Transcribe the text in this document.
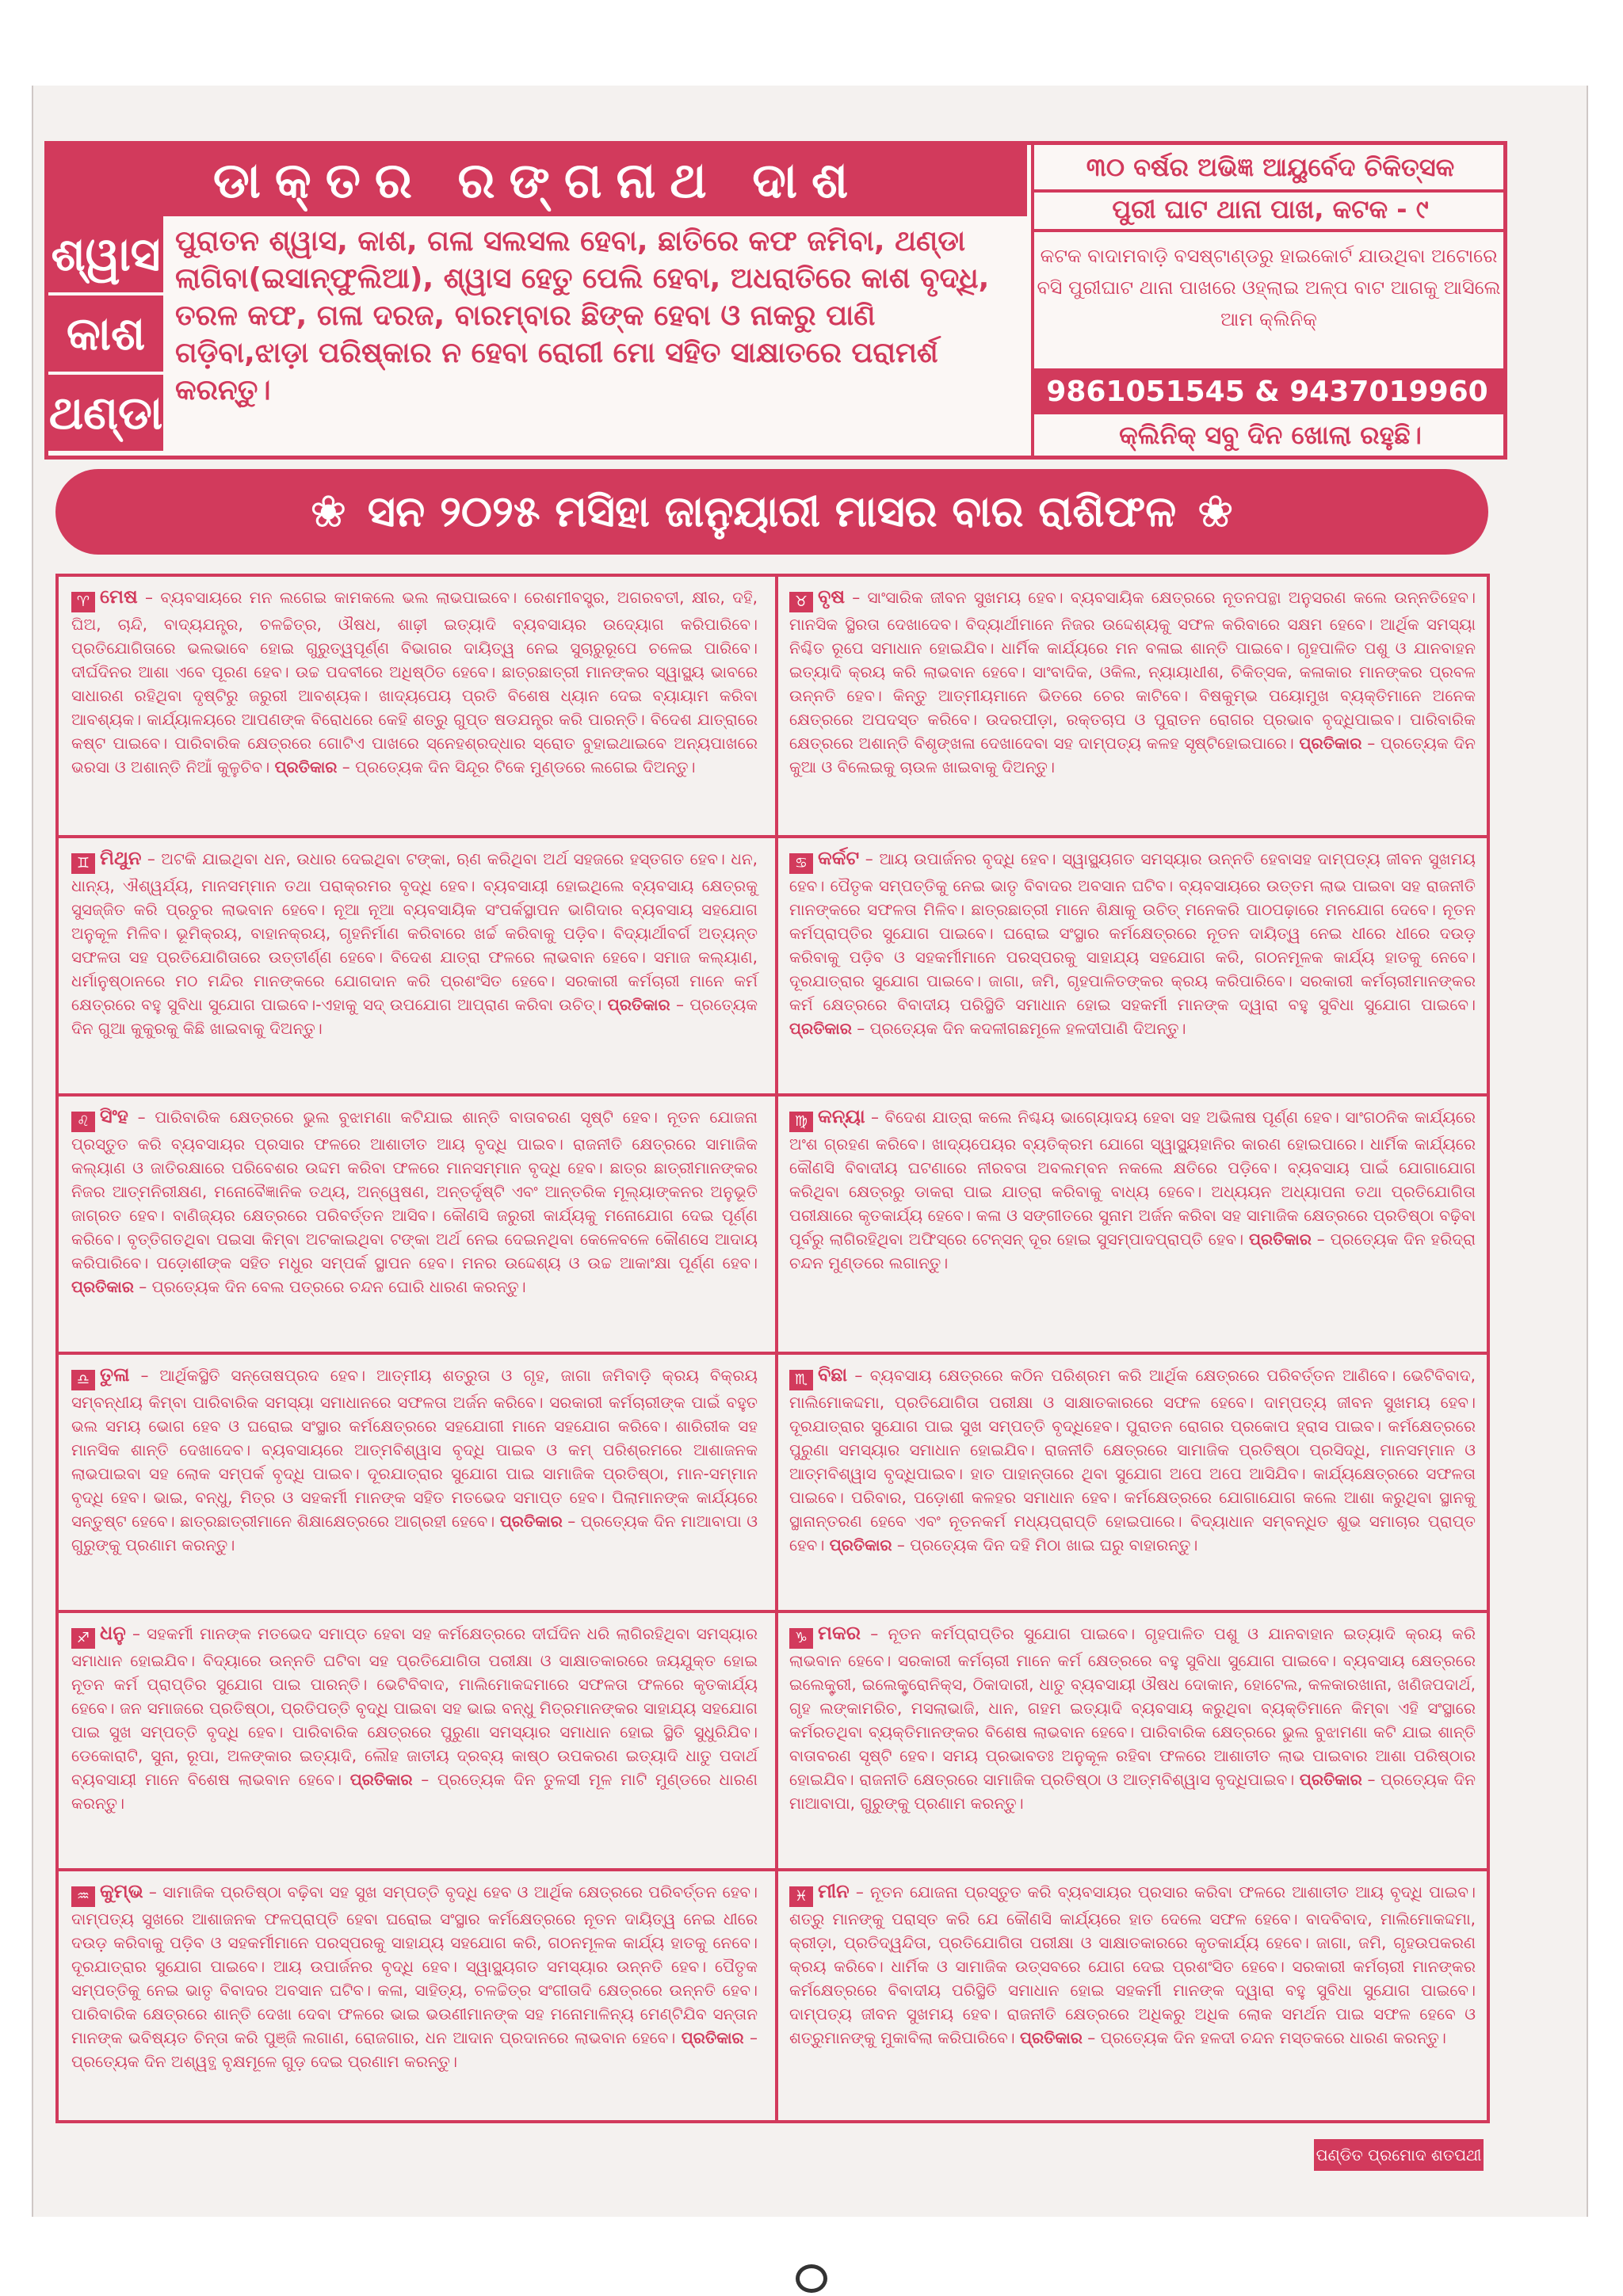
ଡାକ୍ତର ରଙ୍ଗନାଥ ଦାଶ	୩୦ ବର୍ଷର ଅଭିଜ୍ଞ ଆୟୁର୍ବେଦ ଚିକିତ୍ସକ
ପୁରୀ ଘାଟ ଥାନା ପାଖ, କଟକ - ୯
ଶ୍ୱାସ
କାଶ
ଥଣ୍ଡା
ପୁରାତନ ଶ୍ୱାସ, କାଶ, ଗଳା ସଲସଲ ହେବା, ଛାତିରେ କଫ ଜମିବା, ଥଣ୍ଡା ଲାଗିବା(ଇସାନ୍‌ଫୁଲିଆ), ଶ୍ୱାସ ହେତୁ ପେଲି ହେବା, ଅଧରାତିରେ କାଶ ବୃଦ୍ଧି, ତରଳ କଫ, ଗଳା ଦରଜ, ବାରମ୍ବାର ଛିଙ୍କ ହେବା ଓ ନାକରୁ ପାଣି ଗଡ଼ିବା,ଝାଡ଼ା ପରିଷ୍କାର ନ ହେବା ରୋଗୀ ମୋ ସହିତ ସାକ୍ଷାତରେ ପରାମର୍ଶ କରନ୍ତୁ।
କଟକ ବାଦାମବାଡ଼ି ବସଷ୍ଟାଣ୍ଡରୁ ହାଇକୋର୍ଟ ଯାଉଥିବା ଅଟୋରେ ବସି ପୁରୀଘାଟ ଥାନା ପାଖରେ ଓହ୍ଲାଇ ଅଳ୍ପ ବାଟ ଆଗକୁ ଆସିଲେ ଆମ କ୍ଲିନିକ୍
9861051545 & 9437019960
କ୍ଲିନିକ୍ ସବୁ ଦିନ ଖୋଲା ରହୁଛି।
❀ ସନ ୨୦୨୫ ମସିହା ଜାନୁୟାରୀ ମାସର ବାର ରାଶିଫଳ ❀
♈ ମେଷ – ବ୍ୟବସାୟରେ ମନ ଲଗେଇ କାମକଲେ ଭଲ ଲାଭପାଇବେ। ରେଶମୀବସ୍ତ୍ର, ଅଗରବତୀ, କ୍ଷୀର, ଦହି, ଘିଅ, ଚାନ୍ଦି, ବାଦ୍ୟଯନ୍ତ୍ର, ଚଳଚ୍ଚିତ୍ର, ଔଷଧ, ଶାଢ଼ୀ ଇତ୍ୟାଦି ବ୍ୟବସାୟର ଉଦ୍ୟୋଗ କରିପାରିବେ। ପ୍ରତିଯୋଗିତାରେ ଭଲଭାବେ ହୋଇ ଗୁରୁତ୍ୱପୂର୍ଣ୍ଣ ବିଭାଗର ଦାୟିତ୍ୱ ନେଇ ସୁଚାରୁରୂପେ ଚଳେଇ ପାରିବେ। ଦୀର୍ଘଦିନର ଆଶା ଏବେ ପୂରଣ ହେବ। ଉଚ୍ଚ ପଦବୀରେ ଅଧିଷ୍ଠିତ ହେବେ। ଛାତ୍ରଛାତ୍ରୀ ମାନଙ୍କର ସ୍ୱାସ୍ଥ୍ୟ ଭାବରେ ସାଧାରଣ ରହିଥିବା ଦୃଷ୍ଟିରୁ ଜରୁରୀ ଆବଶ୍ୟକ। ଖାଦ୍ୟପେୟ ପ୍ରତି ବିଶେଷ ଧ୍ୟାନ ଦେଇ ବ୍ୟାୟାମ କରିବା ଆବଶ୍ୟକ। କାର୍ଯ୍ୟାଳୟରେ ଆପଣଙ୍କ ବିରୋଧରେ କେହି ଶତ୍ରୁ ଗୁପ୍ତ ଷଡଯନ୍ତ୍ର କରି ପାରନ୍ତି। ବିଦେଶ ଯାତ୍ରାରେ କଷ୍ଟ ପାଇବେ। ପାରିବାରିକ କ୍ଷେତ୍ରରେ ଗୋଟିଏ ପାଖରେ ସ୍ନେହଶ୍ରଦ୍ଧାର ସ୍ରୋତ ବୁହାଇଥାଇବେ ଅନ୍ୟପାଖରେ ଭରସା ଓ ଅଶାନ୍ତି ନିଆଁ କୁଳୁଚିବ। ପ୍ରତିକାର – ପ୍ରତ୍ୟେକ ଦିନ ସିନ୍ଦୂର ଟିକେ ମୁଣ୍ଡରେ ଲଗେଇ ଦିଅନ୍ତୁ।
♉ ବୃଷ – ସାଂସାରିକ ଜୀବନ ସୁଖମୟ ହେବ। ବ୍ୟବସାୟିକ କ୍ଷେତ୍ରରେ ନୂତନପନ୍ଥା ଅନୁସରଣ କଲେ ଉନ୍ନତିହେବ। ମାନସିକ ସ୍ଥିରତା ଦେଖାଦେବ। ବିଦ୍ୟାର୍ଥୀମାନେ ନିଜର ଉଦ୍ଦେଶ୍ୟକୁ ସଫଳ କରିବାରେ ସକ୍ଷମ ହେବେ। ଆର୍ଥିକ ସମସ୍ୟା ନିଶ୍ଚିତ ରୂପେ ସମାଧାନ ହୋଇଯିବ। ଧାର୍ମିକ କାର୍ଯ୍ୟରେ ମନ ବଳାଇ ଶାନ୍ତି ପାଇବେ। ଗୃହପାଳିତ ପଶୁ ଓ ଯାନବାହନ ଇତ୍ୟାଦି କ୍ରୟ କରି ଲାଭବାନ ହେବେ। ସାଂବାଦିକ, ଓକିଲ, ନ୍ୟାୟାଧୀଶ, ଚିକିତ୍ସକ, କଳାକାର ମାନଙ୍କର ପ୍ରବଳ ଉନ୍ନତି ହେବ। କିନ୍ତୁ ଆତ୍ମୀୟମାନେ ଭିତରେ ଚେର କାଟିବେ। ବିଷକୁମ୍ଭ ପୟୋମୁଖ ବ୍ୟକ୍ତିମାନେ ଅନେକ କ୍ଷେତ୍ରରେ ଅପଦସ୍ତ କରିବେ। ଉଦରପୀଡ଼ା, ରକ୍ତଚାପ ଓ ପୁରାତନ ରୋଗର ପ୍ରଭାବ ବୃଦ୍ଧିପାଇବ। ପାରିବାରିକ କ୍ଷେତ୍ରରେ ଅଶାନ୍ତି ବିଶୃଙ୍ଖଳା ଦେଖାଦେବା ସହ ଦାମ୍ପତ୍ୟ କଳହ ସୃଷ୍ଟିହୋଇପାରେ। ପ୍ରତିକାର – ପ୍ରତ୍ୟେକ ଦିନ କୁଆ ଓ ବିଲେଇକୁ ଚାଉଳ ଖାଇବାକୁ ଦିଅନ୍ତୁ।
♊ ମିଥୁନ – ଅଟକି ଯାଇଥିବା ଧନ, ଉଧାର ଦେଇଥିବା ଟଙ୍କା, ଋଣ କରିଥିବା ଅର୍ଥ ସହଜରେ ହସ୍ତଗତ ହେବ। ଧନ, ଧାନ୍ୟ, ଐଶ୍ୱର୍ଯ୍ୟ, ମାନସମ୍ମାନ ତଥା ପରାକ୍ରମର ବୃଦ୍ଧି ହେବ। ବ୍ୟବସାୟୀ ହୋଇଥିଲେ ବ୍ୟବସାୟ କ୍ଷେତ୍ରକୁ ସୁସଜ୍ଜିତ କରି ପ୍ରଚୁର ଲାଭବାନ ହେବେ। ନୂଆ ନୂଆ ବ୍ୟବସାୟିକ ସଂପର୍କସ୍ଥାପନ ଭାଗିଦାର ବ୍ୟବସାୟ ସହଯୋଗ ଅନୁକୂଳ ମିଳିବ। ଭୂମିକ୍ରୟ, ବାହାନକ୍ରୟ, ଗୃହନିର୍ମାଣ କରିବାରେ ଖର୍ଚ୍ଚ କରିବାକୁ ପଡ଼ିବ। ବିଦ୍ୟାର୍ଥୀବର୍ଗ ଅତ୍ୟନ୍ତ ସଫଳତା ସହ ପ୍ରତିଯୋଗିତାରେ ଉତ୍ତୀର୍ଣ୍ଣ ହେବେ। ବିଦେଶ ଯାତ୍ରା ଫଳରେ ଲାଭବାନ ହେବେ। ସମାଜ କଲ୍ୟାଣ, ଧର୍ମାନୁଷ୍ଠାନରେ ମଠ ମନ୍ଦିର ମାନଙ୍କରେ ଯୋଗଦାନ କରି ପ୍ରଶଂସିତ ହେବେ। ସରକାରୀ କର୍ମଚାରୀ ମାନେ କର୍ମ କ୍ଷେତ୍ରରେ ବହୁ ସୁବିଧା ସୁଯୋଗ ପାଇବେ।-ଏହାକୁ ସଦ୍ ଉପଯୋଗ ଆପ୍ରାଣ କରିବା ଉଚିତ୍। ପ୍ରତିକାର – ପ୍ରତ୍ୟେକ ଦିନ ଗୁଆ କୁକୁରକୁ କିଛି ଖାଇବାକୁ ଦିଅନ୍ତୁ।
♋ କର୍କଟ – ଆୟ ଉପାର୍ଜନର ବୃଦ୍ଧି ହେବ। ସ୍ୱାସ୍ଥ୍ୟଗତ ସମସ୍ୟାର ଉନ୍ନତି ହେବାସହ ଦାମ୍ପତ୍ୟ ଜୀବନ ସୁଖମୟ ହେବ। ପୈତୃକ ସମ୍ପତ୍ତିକୁ ନେଇ ଭାତୃ ବିବାଦର ଅବସାନ ଘଟିବ। ବ୍ୟବସାୟରେ ଉତ୍ତମ ଲାଭ ପାଇବା ସହ ରାଜନୀତି ମାନଙ୍କରେ ସଫଳତା ମିଳିବ। ଛାତ୍ରଛାତ୍ରୀ ମାନେ ଶିକ୍ଷାକୁ ଉଚିତ୍ ମନେକରି ପାଠପଢ଼ାରେ ମନଯୋଗ ଦେବେ। ନୂତନ କର୍ମପ୍ରାପ୍ତିର ସୁଯୋଗ ପାଇବେ। ଘରୋଇ ସଂସ୍ଥାର କର୍ମକ୍ଷେତ୍ରରେ ନୂତନ ଦାୟିତ୍ୱ ନେଇ ଧୀରେ ଧୀରେ ଦଉଡ଼ କରିବାକୁ ପଡ଼ିବ ଓ ସହକର୍ମୀମାନେ ପରସ୍ପରକୁ ସାହାଯ୍ୟ ସହଯୋଗ କରି, ଗଠନମୂଳକ କାର୍ଯ୍ୟ ହାତକୁ ନେବେ। ଦୂରଯାତ୍ରାର ସୁଯୋଗ ପାଇବେ। ଜାଗା, ଜମି, ଗୃହପାଳିତଙ୍କର କ୍ରୟ କରିପାରିବେ। ସରକାରୀ କର୍ମଚାରୀମାନଙ୍କର କର୍ମ କ୍ଷେତ୍ରରେ ବିବାଦୀୟ ପରିସ୍ଥିତି ସମାଧାନ ହୋଇ ସହକର୍ମୀ ମାନଙ୍କ ଦ୍ୱାରା ବହୁ ସୁବିଧା ସୁଯୋଗ ପାଇବେ। ପ୍ରତିକାର – ପ୍ରତ୍ୟେକ ଦିନ କଦଳୀଗଛମୂଳେ ହଳଦୀପାଣି ଦିଅନ୍ତୁ।
♌ ସିଂହ – ପାରିବାରିକ କ୍ଷେତ୍ରରେ ଭୁଲ ବୁଝାମଣା କଟିଯାଇ ଶାନ୍ତି ବାତାବରଣ ସୃଷ୍ଟି ହେବ। ନୂତନ ଯୋଜନା ପ୍ରସ୍ତୁତ କରି ବ୍ୟବସାୟର ପ୍ରସାର ଫଳରେ ଆଶାତୀତ ଆୟ ବୃଦ୍ଧି ପାଇବ। ରାଜନୀତି କ୍ଷେତ୍ରରେ ସାମାଜିକ କଲ୍ୟାଣ ଓ ଜାତିରକ୍ଷାରେ ପରିବେଶର ଉଦ୍ଦମ କରିବା ଫଳରେ ମାନସମ୍ମାନ ବୃଦ୍ଧି ହେବ। ଛାତ୍ର ଛାତ୍ରୀମାନଙ୍କର ନିଜର ଆତ୍ମନିରୀକ୍ଷଣ, ମନୋବୈଜ୍ଞାନିକ ତଥ୍ୟ, ଅନ୍ୱେଷଣ, ଅନ୍ତର୍ଦୃଷ୍ଟି ଏବଂ ଆନ୍ତରିକ ମୂଲ୍ୟାଙ୍କନର ଅନୁଭୂତି ଜାଗ୍ରତ ହେବ। ବାଣିଜ୍ୟର କ୍ଷେତ୍ରରେ ପରିବର୍ତ୍ତନ ଆସିବ। କୌଣସି ଜରୁରୀ କାର୍ଯ୍ୟକୁ ମନୋଯୋଗ ଦେଇ ପୂର୍ଣ୍ଣ କରିବେ। ବୃତ୍ତିଗତଥିବା ପଇସା କିମ୍ବା ଅଟକାଇଥିବା ଟଙ୍କା ଅର୍ଥ ନେଇ ଦେଇନଥିବା କେଳେବଳେ କୌଣସେ ଆଦାୟ କରିପାରିବେ। ପଡ଼ୋଶୀଙ୍କ ସହିତ ମଧୁର ସମ୍ପର୍କ ସ୍ଥାପନ ହେବ। ମନର ଉଦ୍ଦେଶ୍ୟ ଓ ଉଚ୍ଚ ଆକାଂକ୍ଷା ପୂର୍ଣ୍ଣ ହେବ। ପ୍ରତିକାର – ପ୍ରତ୍ୟେକ ଦିନ ବେଲ ପତ୍ରରେ ଚନ୍ଦନ ଘୋରି ଧାରଣ କରନ୍ତୁ।
♍ କନ୍ୟା – ବିଦେଶ ଯାତ୍ରା କଲେ ନିଶ୍ଚୟ ଭାଗ୍ୟୋଦୟ ହେବା ସହ ଅଭିଳାଷ ପୂର୍ଣ୍ଣ ହେବ। ସାଂଗଠନିକ କାର୍ଯ୍ୟରେ ଅଂଶ ଗ୍ରହଣ କରିବେ। ଖାଦ୍ୟପେୟର ବ୍ୟତିକ୍ରମ ଯୋଗେ ସ୍ୱାସ୍ଥ୍ୟହାନିର କାରଣ ହୋଇପାରେ। ଧାର୍ମିକ କାର୍ଯ୍ୟରେ କୌଣସି ବିବାଦୀୟ ଘଟଣାରେ ନୀରବତା ଅବଲମ୍ବନ ନକଲେ କ୍ଷତିରେ ପଡ଼ିବେ। ବ୍ୟବସାୟ ପାଇଁ ଯୋଗାଯୋଗ କରିଥିବା କ୍ଷେତ୍ରରୁ ଡାକରା ପାଇ ଯାତ୍ରା କରିବାକୁ ବାଧ୍ୟ ହେବେ। ଅଧ୍ୟୟନ ଅଧ୍ୟାପନା ତଥା ପ୍ରତିଯୋଗିତା ପରୀକ୍ଷାରେ କୃତକାର୍ଯ୍ୟ ହେବେ। କଳା ଓ ସଙ୍ଗୀତରେ ସୁନାମ ଅର୍ଜନ କରିବା ସହ ସାମାଜିକ କ୍ଷେତ୍ରରେ ପ୍ରତିଷ୍ଠା ବଢ଼ିବା ପୂର୍ବରୁ ଲାଗିରହିଥିବା ଅଫିସ୍‌ରେ ଟେନ୍‌ସନ୍ ଦୂର ହୋଇ ସୁସମ୍ପାଦପ୍ରାପ୍ତି ହେବ। ପ୍ରତିକାର – ପ୍ରତ୍ୟେକ ଦିନ ହରିଦ୍ରା ଚନ୍ଦନ ମୁଣ୍ଡରେ ଲଗାନ୍ତୁ।
♎ ତୁଳା – ଆର୍ଥିକସ୍ଥିତି ସନ୍ତୋଷପ୍ରଦ ହେବ। ଆତ୍ମୀୟ ଶତ୍ରୁତା ଓ ଗୃହ, ଜାଗା ଜମିବାଡ଼ି କ୍ରୟ ବିକ୍ରୟ ସମ୍ବନ୍ଧୀୟ କିମ୍ବା ପାରିବାରିକ ସମସ୍ୟା ସମାଧାନରେ ସଫଳତା ଅର୍ଜନ କରିବେ। ସରକାରୀ କର୍ମଚାରୀଙ୍କ ପାଇଁ ବହୁତ ଭଲ ସମୟ ଭୋଗ ହେବ ଓ ଘରୋଇ ସଂସ୍ଥାର କର୍ମକ୍ଷେତ୍ରରେ ସହଯୋଗୀ ମାନେ ସହଯୋଗ କରିବେ। ଶାରିରୀକ ସହ ମାନସିକ ଶାନ୍ତି ଦେଖାଦେବ। ବ୍ୟବସାୟରେ ଆତ୍ମବିଶ୍ୱାସ ବୃଦ୍ଧି ପାଇବ ଓ କମ୍ ପରିଶ୍ରମରେ ଆଶାଜନକ ଲାଭପାଇବା ସହ ଲୋକ ସମ୍ପର୍କ ବୃଦ୍ଧି ପାଇବ। ଦୂରଯାତ୍ରାର ସୁଯୋଗ ପାଇ ସାମାଜିକ ପ୍ରତିଷ୍ଠା, ମାନ-ସମ୍ମାନ ବୃଦ୍ଧି ହେବ। ଭାଇ, ବନ୍ଧୁ, ମିତ୍ର ଓ ସହକର୍ମୀ ମାନଙ୍କ ସହିତ ମତଭେଦ ସମାପ୍ତ ହେବ। ପିଲାମାନଙ୍କ କାର୍ଯ୍ୟରେ ସନ୍ତୁଷ୍ଟ ହେବେ। ଛାତ୍ରଛାତ୍ରୀମାନେ ଶିକ୍ଷାକ୍ଷେତ୍ରରେ ଆଗ୍ରହୀ ହେବେ। ପ୍ରତିକାର – ପ୍ରତ୍ୟେକ ଦିନ ମାଆବାପା ଓ ଗୁରୁଙ୍କୁ ପ୍ରଣାମ କରନ୍ତୁ।
♏ ବିଛା – ବ୍ୟବସାୟ କ୍ଷେତ୍ରରେ କଠିନ ପରିଶ୍ରମ କରି ଆର୍ଥିକ କ୍ଷେତ୍ରରେ ପରିବର୍ତ୍ତନ ଆଣିବେ। ଭେଟିବିବାଦ, ମାଲିମୋକଦ୍ଦମା, ପ୍ରତିଯୋଗିତା ପରୀକ୍ଷା ଓ ସାକ୍ଷାତକାରରେ ସଫଳ ହେବେ। ଦାମ୍ପତ୍ୟ ଜୀବନ ସୁଖମୟ ହେବ। ଦୂରଯାତ୍ରାର ସୁଯୋଗ ପାଇ ସୁଖ ସମ୍ପତ୍ତି ବୃଦ୍ଧିହେବ। ପୁରାତନ ରୋଗର ପ୍ରକୋପ ହ୍ରାସ ପାଇବ। କର୍ମକ୍ଷେତ୍ରରେ ପୁରୁଣା ସମସ୍ୟାର ସମାଧାନ ହୋଇଯିବ। ରାଜନୀତି କ୍ଷେତ୍ରରେ ସାମାଜିକ ପ୍ରତିଷ୍ଠା ପ୍ରସିଦ୍ଧି, ମାନସମ୍ମାନ ଓ ଆତ୍ମବିଶ୍ୱାସ ବୃଦ୍ଧିପାଇବ। ହାତ ପାହାନ୍ତାରେ ଥିବା ସୁଯୋଗ ଅପେ ଅପେ ଆସିଯିବ। କାର୍ଯ୍ୟକ୍ଷେତ୍ରରେ ସଫଳତା ପାଇବେ। ପରିବାର, ପଡ଼ୋଶୀ କଳହର ସମାଧାନ ହେବ। କର୍ମକ୍ଷେତ୍ରରେ ଯୋଗାଯୋଗ କଲେ ଆଶା କରୁଥିବା ସ୍ଥାନକୁ ସ୍ଥାନାନ୍ତରଣ ହେବେ ଏବଂ ନୂତନକର୍ମ ମଧ୍ୟପ୍ରାପ୍ତି ହୋଇପାରେ। ବିଦ୍ୟାଧାନ ସମ୍ବନ୍ଧିତ ଶୁଭ ସମାଚାର ପ୍ରାପ୍ତ ହେବ। ପ୍ରତିକାର – ପ୍ରତ୍ୟେକ ଦିନ ଦହି ମିଠା ଖାଇ ଘରୁ ବାହାରନ୍ତୁ।
♐ ଧନୁ – ସହକର୍ମୀ ମାନଙ୍କ ମତଭେଦ ସମାପ୍ତ ହେବା ସହ କର୍ମକ୍ଷେତ୍ରରେ ଦୀର୍ଘଦିନ ଧରି ଲାଗିରହିଥିବା ସମସ୍ୟାର ସମାଧାନ ହୋଇଯିବ। ବିଦ୍ୟାରେ ଉନ୍ନତି ଘଟିବା ସହ ପ୍ରତିଯୋଗିତା ପରୀକ୍ଷା ଓ ସାକ୍ଷାତକାରରେ ଜୟଯୁକ୍ତ ହୋଇ ନୂତନ କର୍ମ ପ୍ରାପ୍ତିର ସୁଯୋଗ ପାଇ ପାରନ୍ତି। ଭେଟିବିବାଦ, ମାଲିମୋକଦ୍ଦମାରେ ସଫଳତା ଫଳରେ କୃତକାର୍ଯ୍ୟ ହେବେ। ଜନ ସମାଜରେ ପ୍ରତିଷ୍ଠା, ପ୍ରତିପତ୍ତି ବୃଦ୍ଧି ପାଇବା ସହ ଭାଇ ବନ୍ଧୁ ମିତ୍ରମାନଙ୍କର ସାହାଯ୍ୟ ସହଯୋଗ ପାଇ ସୁଖ ସମ୍ପତ୍ତି ବୃଦ୍ଧି ହେବ। ପାରିବାରିକ କ୍ଷେତ୍ରରେ ପୁରୁଣା ସମସ୍ୟାର ସମାଧାନ ହୋଇ ସ୍ଥିତି ସୁଧୁରିଯିବ। ଡେକୋରାଟି, ସୁନା, ରୂପା, ଅଳଙ୍କାର ଇତ୍ୟାଦି, ଲୌହ ଜାତୀୟ ଦ୍ରବ୍ୟ କାଷ୍ଠ ଉପକରଣ ଇତ୍ୟାଦି ଧାତୁ ପଦାର୍ଥ ବ୍ୟବସାୟୀ ମାନେ ବିଶେଷ ଲାଭବାନ ହେବେ। ପ୍ରତିକାର – ପ୍ରତ୍ୟେକ ଦିନ ତୁଳସୀ ମୂଳ ମାଟି ମୁଣ୍ଡରେ ଧାରଣ କରନ୍ତୁ।
♑ ମକର – ନୂତନ କର୍ମପ୍ରାପ୍ତିର ସୁଯୋଗ ପାଇବେ। ଗୃହପାଳିତ ପଶୁ ଓ ଯାନବାହାନ ଇତ୍ୟାଦି କ୍ରୟ କରି ଲାଭବାନ ହେବେ। ସରକାରୀ କର୍ମଚାରୀ ମାନେ କର୍ମ କ୍ଷେତ୍ରରେ ବହୁ ସୁବିଧା ସୁଯୋଗ ପାଇବେ। ବ୍ୟବସାୟ କ୍ଷେତ୍ରରେ ଇଲେକ୍ଟ୍ରୀ, ଇଲେକ୍ଟ୍ରୋନିକ୍ସ, ଠିକାଦାରୀ, ଧାତୁ ବ୍ୟବସାୟୀ ଔଷଧ ଦୋକାନ, ହୋଟେଲ, କଳକାରଖାନା, ଖଣିଜପଦାର୍ଥ, ଗୃହ ଲଙ୍କାମରିଚ, ମସଲାଭାଜି, ଧାନ, ଗହମ ଇତ୍ୟାଦି ବ୍ୟବସାୟ କରୁଥିବା ବ୍ୟକ୍ତିମାନେ କିମ୍ବା ଏହି ସଂସ୍ଥାରେ କର୍ମରତଥିବା ବ୍ୟକ୍ତିମାନଙ୍କର ବିଶେଷ ଲାଭବାନ ହେବେ। ପାରିବାରିକ କ୍ଷେତ୍ରରେ ଭୁଲ ବୁଝାମଣା କଟି ଯାଇ ଶାନ୍ତି ବାତାବରଣ ସୃଷ୍ଟି ହେବ। ସମୟ ପ୍ରଭାବତଃ ଅନୁକୂଳ ରହିବା ଫଳରେ ଆଶାତୀତ ଲାଭ ପାଇବାର ଆଶା ପରିଷ୍ଠାର ହୋଇଯିବ। ରାଜନୀତି କ୍ଷେତ୍ରରେ ସାମାଜିକ ପ୍ରତିଷ୍ଠା ଓ ଆତ୍ମବିଶ୍ୱାସ ବୃଦ୍ଧିପାଇବ। ପ୍ରତିକାର – ପ୍ରତ୍ୟେକ ଦିନ ମାଆବାପା, ଗୁରୁଙ୍କୁ ପ୍ରଣାମ କରନ୍ତୁ।
♒ କୁମ୍ଭ – ସାମାଜିକ ପ୍ରତିଷ୍ଠା ବଢ଼ିବା ସହ ସୁଖ ସମ୍ପତ୍ତି ବୃଦ୍ଧି ହେବ ଓ ଆର୍ଥିକ କ୍ଷେତ୍ରରେ ପରିବର୍ତ୍ତନ ହେବ। ଦାମ୍ପତ୍ୟ ସୁଖରେ ଆଶାଜନକ ଫଳପ୍ରାପ୍ତି ହେବା ଘରୋଇ ସଂସ୍ଥାର କର୍ମକ୍ଷେତ୍ରରେ ନୂତନ ଦାୟିତ୍ୱ ନେଇ ଧୀରେ ଦଉଡ଼ କରିବାକୁ ପଡ଼ିବ ଓ ସହକର୍ମୀମାନେ ପରସ୍ପରକୁ ସାହାଯ୍ୟ ସହଯୋଗ କରି, ଗଠନମୂଳକ କାର୍ଯ୍ୟ ହାତକୁ ନେବେ। ଦୂରଯାତ୍ରାର ସୁଯୋଗ ପାଇବେ। ଆୟ ଉପାର୍ଜନର ବୃଦ୍ଧି ହେବ। ସ୍ୱାସ୍ଥ୍ୟଗତ ସମସ୍ୟାର ଉନ୍ନତି ହେବ। ପୈତୃକ ସମ୍ପତ୍ତିକୁ ନେଇ ଭାତୃ ବିବାଦର ଅବସାନ ଘଟିବ। କଳା, ସାହିତ୍ୟ, ଚଳଚ୍ଚିତ୍ର ସଂଗୀତାଦି କ୍ଷେତ୍ରରେ ଉନ୍ନତି ହେବ। ପାରିବାରିକ କ୍ଷେତ୍ରରେ ଶାନ୍ତି ଦେଖା ଦେବା ଫଳରେ ଭାଇ ଭଉଣୀମାନଙ୍କ ସହ ମନୋମାଳିନ୍ୟ ମେଣ୍ଟିଯିବ ସନ୍ତାନ ମାନଙ୍କ ଭବିଷ୍ୟତ ଚିନ୍ତା କରି ପୁଞ୍ଜି ଲଗାଣ, ରୋଜଗାର, ଧନ ଆଦାନ ପ୍ରଦାନରେ ଲାଭବାନ ହେବେ। ପ୍ରତିକାର – ପ୍ରତ୍ୟେକ ଦିନ ଅଶ୍ୱତ୍ଥ ବୃକ୍ଷମୂଳେ ଗୁଡ଼ ଦେଇ ପ୍ରଣାମ କରନ୍ତୁ।
♓ ମୀନ – ନୂତନ ଯୋଜନା ପ୍ରସ୍ତୁତ କରି ବ୍ୟବସାୟର ପ୍ରସାର କରିବା ଫଳରେ ଆଶାତୀତ ଆୟ ବୃଦ୍ଧି ପାଇବ। ଶତ୍ରୁ ମାନଙ୍କୁ ପରାସ୍ତ କରି ଯେ କୌଣସି କାର୍ଯ୍ୟରେ ହାତ ଦେଲେ ସଫଳ ହେବେ। ବାଦବିବାଦ, ମାଲିମୋକଦ୍ଦମା, କ୍ରୀଡ଼ା, ପ୍ରତିଦ୍ୱନ୍ଦିତା, ପ୍ରତିଯୋଗିତା ପରୀକ୍ଷା ଓ ସାକ୍ଷାତକାରରେ କୃତକାର୍ଯ୍ୟ ହେବେ। ଜାଗା, ଜମି, ଗୃହଉପକରଣ କ୍ରୟ କରିବେ। ଧାର୍ମିକ ଓ ସାମାଜିକ ଉତ୍ସବରେ ଯୋଗ ଦେଇ ପ୍ରଶଂସିତ ହେବେ। ସରକାରୀ କର୍ମଚାରୀ ମାନଙ୍କର କର୍ମକ୍ଷେତ୍ରରେ ବିବାଦୀୟ ପରିସ୍ଥିତି ସମାଧାନ ହୋଇ ସହକର୍ମୀ ମାନଙ୍କ ଦ୍ୱାରା ବହୁ ସୁବିଧା ସୁଯୋଗ ପାଇବେ। ଦାମ୍ପତ୍ୟ ଜୀବନ ସୁଖମୟ ହେବ। ରାଜନୀତି କ୍ଷେତ୍ରରେ ଅଧିକରୁ ଅଧିକ ଲୋକ ସମର୍ଥନ ପାଇ ସଫଳ ହେବେ ଓ ଶତ୍ରୁମାନଙ୍କୁ ମୁକାବିଲା କରିପାରିବେ। ପ୍ରତିକାର – ପ୍ରତ୍ୟେକ ଦିନ ହଳଦୀ ଚନ୍ଦନ ମସ୍ତକରେ ଧାରଣ କରନ୍ତୁ।
ପଣ୍ଡିତ ପ୍ରମୋଦ ଶତପଥୀ
